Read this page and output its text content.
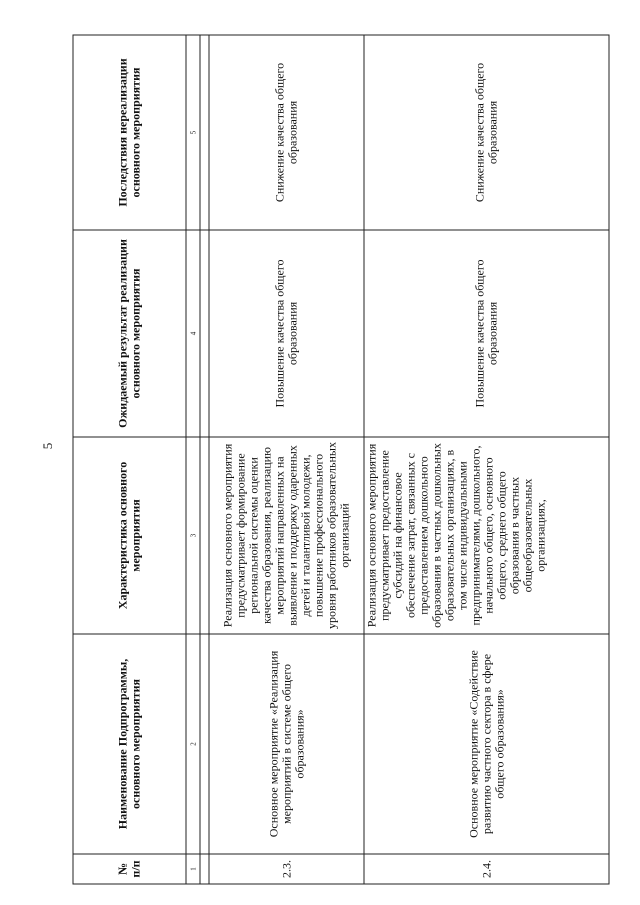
5
№ п/п	Наименование Подпрограммы, основного мероприятия	Характеристика основного мероприятия	Ожидаемый результат реализации основного мероприятия	Последствия нереализации основного мероприятия
1	2	3	4	5

2.3.	Основное мероприятие «Реализация мероприятий в системе общего образования»	Реализация основного мероприятия предусматривает формирование региональной системы оценки качества образования, реализацию мероприятий направленных на выявление и поддержку одаренных детей и талантливой молодежи, повышение профессионального уровня работников образовательных организаций	Повышение качества общего образования	Снижение качества общего образования
2.4.	Основное мероприятие «Содействие развитию частного сектора в сфере общего образования»	Реализация основного мероприятия предусматривает предоставление субсидий на финансовое обеспечение затрат, связанных с предоставлением дошкольного образования в частных дошкольных образовательных организациях, в том числе индивидуальными предпринимателями, дошкольного, начального общего, основного общего, среднего общего образования в частных общеобразовательных организациях,	Повышение качества общего образования	Снижение качества общего образования
